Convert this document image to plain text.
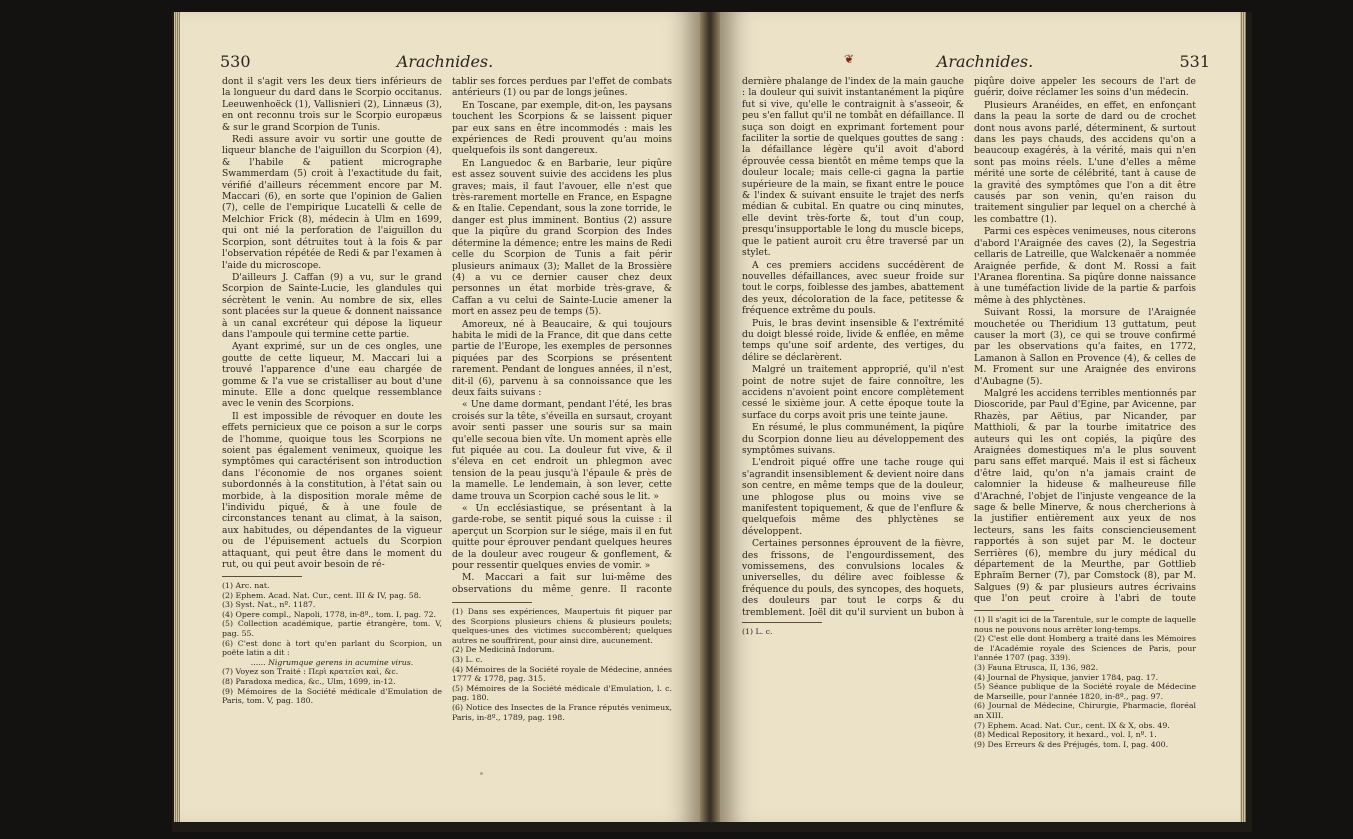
530	Arachnides.

dont il s'agit vers les deux tiers inférieurs de la longueur du dard dans le Scorpio occitanus. Leeuwenhoëck (1), Vallisnieri (2), Linnæus (3), en ont reconnu trois sur le Scorpio europæus & sur le grand Scorpion de Tunis.

Redi assure avoir vu sortir une goutte de liqueur blanche de l'aiguillon du Scorpion (4), & l'habile & patient micrographe Swammerdam (5) croit à l'exactitude du fait, vérifié d'ailleurs récemment encore par M. Maccari (6), en sorte que l'opinion de Galien (7), celle de l'empirique Lucatelli & celle de Melchior Frick (8), médecin à Ulm en 1699, qui ont nié la perforation de l'aiguillon du Scorpion, sont détruites tout à la fois & par l'observation répétée de Redi & par l'examen à l'aide du microscope.

D'ailleurs J. Caffan (9) a vu, sur le grand Scorpion de Sainte-Lucie, les glandules qui sécrètent le venin. Au nombre de six, elles sont placées sur la queue & donnent naissance à un canal excréteur qui dépose la liqueur dans l'ampoule qui termine cette partie.

Ayant exprimé, sur un de ces ongles, une goutte de cette liqueur, M. Maccari lui a trouvé l'apparence d'une eau chargée de gomme & l'a vue se cristalliser au bout d'une minute. Elle a donc quelque ressemblance avec le venin des Scorpions.

Il est impossible de révoquer en doute les effets pernicieux que ce poison a sur le corps de l'homme, quoique tous les Scorpions ne soient pas également venimeux, quoique les symptômes qui caractérisent son introduction dans l'économie de nos organes soient subordonnés à la constitution, à l'état sain ou morbide, à la disposition morale même de l'individu piqué, & à une foule de circonstances tenant au climat, à la saison, aux habitudes, ou dépendantes de la vigueur ou de l'épuisement actuels du Scorpion attaquant, qui peut être dans le moment du rut, ou qui peut avoir besoin de ré-

(1) Arc. nat.
(2) Ephem. Acad. Nat. Cur., cent. III & IV, pag. 58.
(3) Syst. Nat., nº. 1187.
(4) Opere compl., Napoli, 1778, in-8º., tom. I, pag. 72.
(5) Collection académique, partie étrangère, tom. V, pag. 55.
(6) C'est donc à tort qu'en parlant du Scorpion, un poëte latin a dit :
...... Nigrumque gerens in acumine virus.
(7) Voyez son Traité : Περὶ κρατεῖσι καὶ, &c.
(8) Paradoxa medica, &c., Ulm, 1699, in-12.
(9) Mémoires de la Société médicale d'Emulation de Paris, tom. V, pag. 180.

tablir ses forces perdues par l'effet de combats antérieurs (1) ou par de longs jeûnes.

En Toscane, par exemple, dit-on, les paysans touchent les Scorpions & se laissent piquer par eux sans en être incommodés : mais les expériences de Redi prouvent qu'au moins quelquefois ils sont dangereux.

En Languedoc & en Barbarie, leur piqûre est assez souvent suivie des accidens les plus graves; mais, il faut l'avouer, elle n'est que très-rarement mortelle en France, en Espagne & en Italie. Cependant, sous la zone torride, le danger est plus imminent. Bontius (2) assure que la piqûre du grand Scorpion des Indes détermine la démence; entre les mains de Redi celle du Scorpion de Tunis a fait périr plusieurs animaux (3); Mallet de la Brossière (4) a vu ce dernier causer chez deux personnes un état morbide très-grave, & Caffan a vu celui de Sainte-Lucie amener la mort en assez peu de temps (5).

Amoreux, né à Beaucaire, & qui toujours habita le midi de la France, dit que dans cette partie de l'Europe, les exemples de personnes piquées par des Scorpions se présentent rarement. Pendant de longues années, il n'est, dit-il (6), parvenu à sa connoissance que les deux faits suivans :

« Une dame dormant, pendant l'été, les bras croisés sur la tête, s'éveilla en sursaut, croyant avoir senti passer une souris sur sa main qu'elle secoua bien vîte. Un moment après elle fut piquée au cou. La douleur fut vive, & il s'éleva en cet endroit un phlegmon avec tension de la peau jusqu'à l'épaule & près de la mamelle. Le lendemain, à son lever, cette dame trouva un Scorpion caché sous le lit. »

« Un ecclésiastique, se présentant à la garde-robe, se sentit piqué sous la cuisse : il aperçut un Scorpion sur le siége, mais il en fut quitte pour éprouver pendant quelques heures de la douleur avec rougeur & gonflement, & pour ressentir quelques envies de vomir. »

M. Maccari a fait sur lui-même des observations du même genre. Il raconte

(1) Dans ses expériences, Maupertuis fit piquer par des Scorpions plusieurs chiens & plusieurs poulets; quelques-unes des victimes succombèrent; quelques autres ne souffrirent, pour ainsi dire, aucunement.
(2) De Medicinâ Indorum.
(3) L. c.
(4) Mémoires de la Société royale de Médecine, années 1777 & 1778, pag. 315.
(5) Mémoires de la Société médicale d'Emulation, l. c. pag. 180.
(6) Notice des Insectes de la France réputés venimeux, Paris, in-8º., 1789, pag. 198.
❦	Arachnides.	531

dernière phalange de l'index de la main gauche : la douleur qui suivit instantanément la piqûre fut si vive, qu'elle le contraignit à s'asseoir, & peu s'en fallut qu'il ne tombât en défaillance. Il suça son doigt en exprimant fortement pour faciliter la sortie de quelques gouttes de sang : la défaillance légère qu'il avoit d'abord éprouvée cessa bientôt en même temps que la douleur locale; mais celle-ci gagna la partie supérieure de la main, se fixant entre le pouce & l'index & suivant ensuite le trajet des nerfs médian & cubital. En quatre ou cinq minutes, elle devint très-forte &, tout d'un coup, presqu'insupportable le long du muscle biceps, que le patient auroit cru être traversé par un stylet.

A ces premiers accidens succédèrent de nouvelles défaillances, avec sueur froide sur tout le corps, foiblesse des jambes, abattement des yeux, décoloration de la face, petitesse & fréquence extrême du pouls.

Puis, le bras devint insensible & l'extrémité du doigt blessé roide, livide & enflée, en même temps qu'une soif ardente, des vertiges, du délire se déclarèrent.

Malgré un traitement approprié, qu'il n'est point de notre sujet de faire connoître, les accidens n'avoient point encore complètement cessé le sixième jour. A cette époque toute la surface du corps avoit pris une teinte jaune.

En résumé, le plus communément, la piqûre du Scorpion donne lieu au développement des symptômes suivans.

L'endroit piqué offre une tache rouge qui s'agrandit insensiblement & devient noire dans son centre, en même temps que de la douleur, une phlogose plus ou moins vive se manifestent topiquement, & que de l'enflure & quelquefois même des phlyctènes se développent.

Certaines personnes éprouvent de la fièvre, des frissons, de l'engourdissement, des vomissemens, des convulsions locales & universelles, du délire avec foiblesse & fréquence du pouls, des syncopes, des hoquets, des douleurs par tout le corps & du tremblement. Joël dit qu'il survient un bubon à

(1) L. c.

piqûre doive appeler les secours de l'art de guérir, doive réclamer les soins d'un médecin.

Plusieurs Aranéides, en effet, en enfonçant dans la peau la sorte de dard ou de crochet dont nous avons parlé, déterminent, & surtout dans les pays chauds, des accidens qu'on a beaucoup exagérés, à la vérité, mais qui n'en sont pas moins réels. L'une d'elles a même mérité une sorte de célébrité, tant à cause de la gravité des symptômes que l'on a dit être causés par son venin, qu'en raison du traitement singulier par lequel on a cherché à les combattre (1).

Parmi ces espèces venimeuses, nous citerons d'abord l'Araignée des caves (2), la Segestria cellaris de Latreille, que Walckenaër a nommée Araignée perfide, & dont M. Rossi a fait l'Aranea florentina. Sa piqûre donne naissance à une tuméfaction livide de la partie & parfois même à des phlyctènes.

Suivant Rossi, la morsure de l'Araignée mouchetée ou Theridium 13 guttatum, peut causer la mort (3), ce qui se trouve confirmé par les observations qu'a faites, en 1772, Lamanon à Sallon en Provence (4), & celles de M. Froment sur une Araignée des environs d'Aubagne (5).

Malgré les accidens terribles mentionnés par Dioscoride, par Paul d'Egine, par Avicenne, par Rhazès, par Aëtius, par Nicander, par Matthioli, & par la tourbe imitatrice des auteurs qui les ont copiés, la piqûre des Araignées domestiques m'a le plus souvent paru sans effet marqué. Mais il est si fâcheux d'être laid, qu'on n'a jamais craint de calomnier la hideuse & malheureuse fille d'Arachné, l'objet de l'injuste vengeance de la sage & belle Minerve, & nous chercherions à la justifier entièrement aux yeux de nos lecteurs, sans les faits consciencieusement rapportés à son sujet par M. le docteur Serrières (6), membre du jury médical du département de la Meurthe, par Gottlieb Ephraïm Berner (7), par Comstock (8), par M. Salgues (9) & par plusieurs autres écrivains que l'on peut croire à l'abri de toute

(1) Il s'agit ici de la Tarentule, sur le compte de laquelle nous ne pouvons nous arrêter long-temps.
(2) C'est elle dont Homberg a traité dans les Mémoires de l'Académie royale des Sciences de Paris, pour l'année 1707 (pag. 339).
(3) Fauna Etrusca, II, 136, 982.
(4) Journal de Physique, janvier 1784, pag. 17.
(5) Séance publique de la Société royale de Médecine de Marseille, pour l'année 1820, in-8º., pag. 97.
(6) Journal de Médecine, Chirurgie, Pharmacie, floréal an XIII.
(7) Ephem. Acad. Nat. Cur., cent. IX & X, obs. 49.
(8) Medical Repository, it hexard., vol. I, nº. 1.
(9) Des Erreurs & des Préjugés, tom. I, pag. 400.
